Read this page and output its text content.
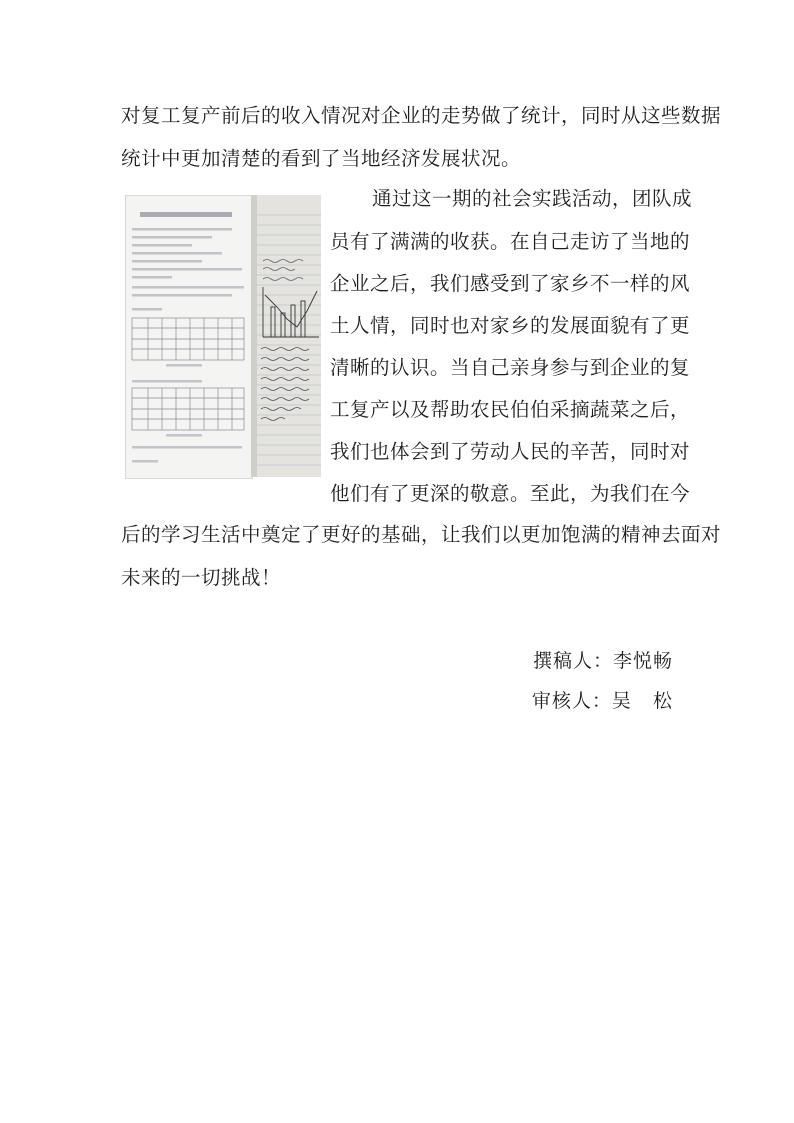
对复工复产前后的收入情况对企业的走势做了统计，同时从这些数据
统计中更加清楚的看到了当地经济发展状况。
通过这一期的社会实践活动，团队成
员有了满满的收获。在自己走访了当地的
企业之后，我们感受到了家乡不一样的风
土人情，同时也对家乡的发展面貌有了更
清晰的认识。当自己亲身参与到企业的复
工复产以及帮助农民伯伯采摘蔬菜之后，
我们也体会到了劳动人民的辛苦，同时对
他们有了更深的敬意。至此，为我们在今
后的学习生活中奠定了更好的基础，让我们以更加饱满的精神去面对
未来的一切挑战！
撰稿人：李悦畅
审核人：吴   松
